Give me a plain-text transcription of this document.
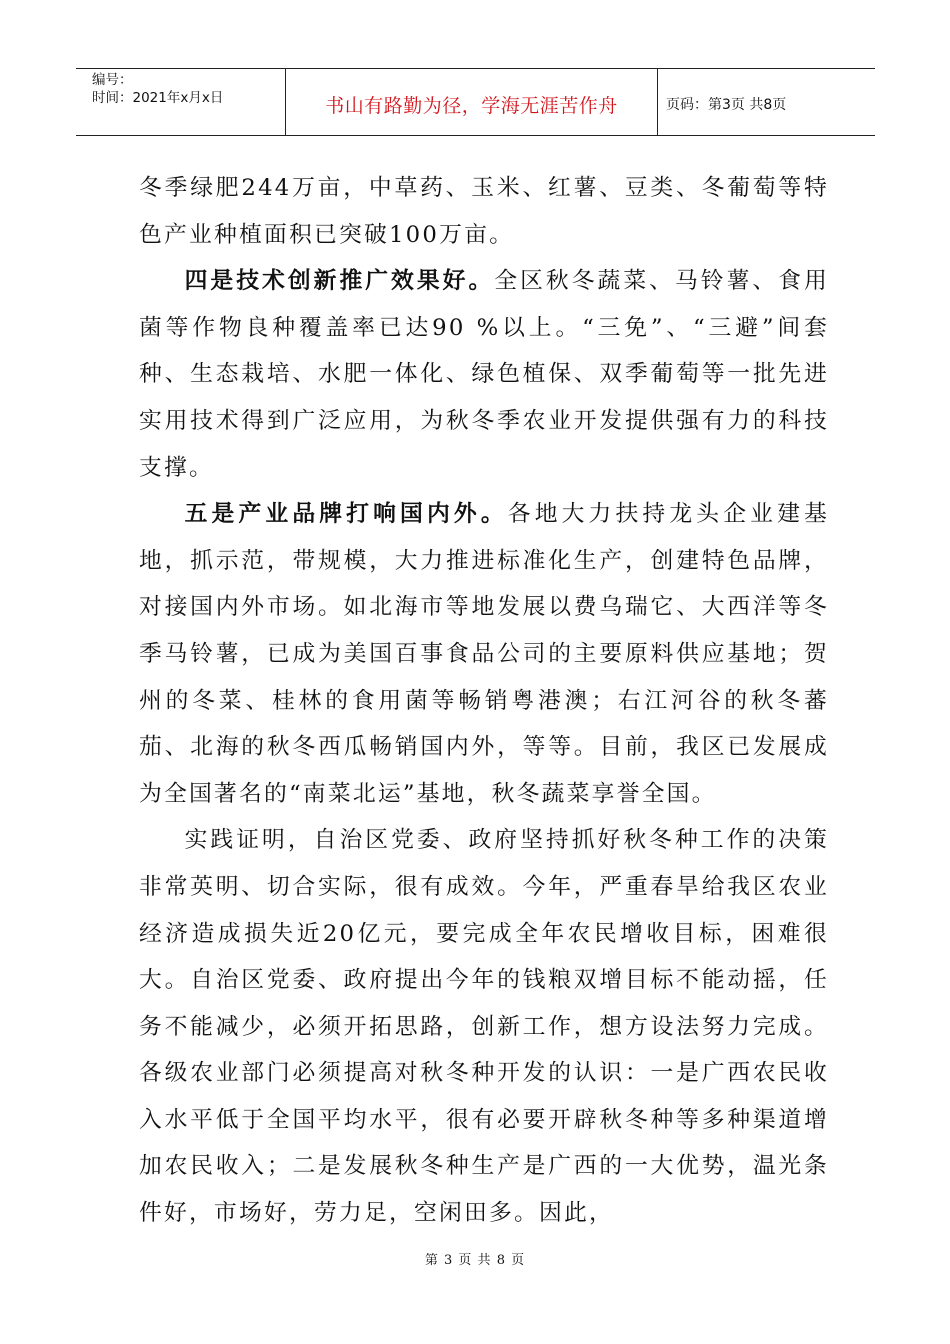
编号：
时间：2021年x月x日	书山有路勤为径，学海无涯苦作舟	页码：第3页 共8页

冬季绿肥244万亩，中草药、玉米、红薯、豆类、冬葡萄等特色产业种植面积已突破100万亩。

四是技术创新推广效果好。全区秋冬蔬菜、马铃薯、食用菌等作物良种覆盖率已达90 %以上。“三免”、“三避”间套种、生态栽培、水肥一体化、绿色植保、双季葡萄等一批先进实用技术得到广泛应用，为秋冬季农业开发提供强有力的科技支撑。

五是产业品牌打响国内外。各地大力扶持龙头企业建基地，抓示范，带规模，大力推进标准化生产，创建特色品牌，对接国内外市场。如北海市等地发展以费乌瑞它、大西洋等冬季马铃薯，已成为美国百事食品公司的主要原料供应基地；贺州的冬菜、桂林的食用菌等畅销粤港澳；右江河谷的秋冬蕃茄、北海的秋冬西瓜畅销国内外，等等。目前，我区已发展成为全国著名的“南菜北运”基地，秋冬蔬菜享誉全国。

实践证明，自治区党委、政府坚持抓好秋冬种工作的决策非常英明、切合实际，很有成效。今年，严重春旱给我区农业经济造成损失近20亿元，要完成全年农民增收目标，困难很大。自治区党委、政府提出今年的钱粮双增目标不能动摇，任务不能减少，必须开拓思路，创新工作，想方设法努力完成。各级农业部门必须提高对秋冬种开发的认识：一是广西农民收入水平低于全国平均水平，很有必要开辟秋冬种等多种渠道增加农民收入；二是发展秋冬种生产是广西的一大优势，温光条件好，市场好，劳力足，空闲田多。因此，

第 3 页 共 8 页
